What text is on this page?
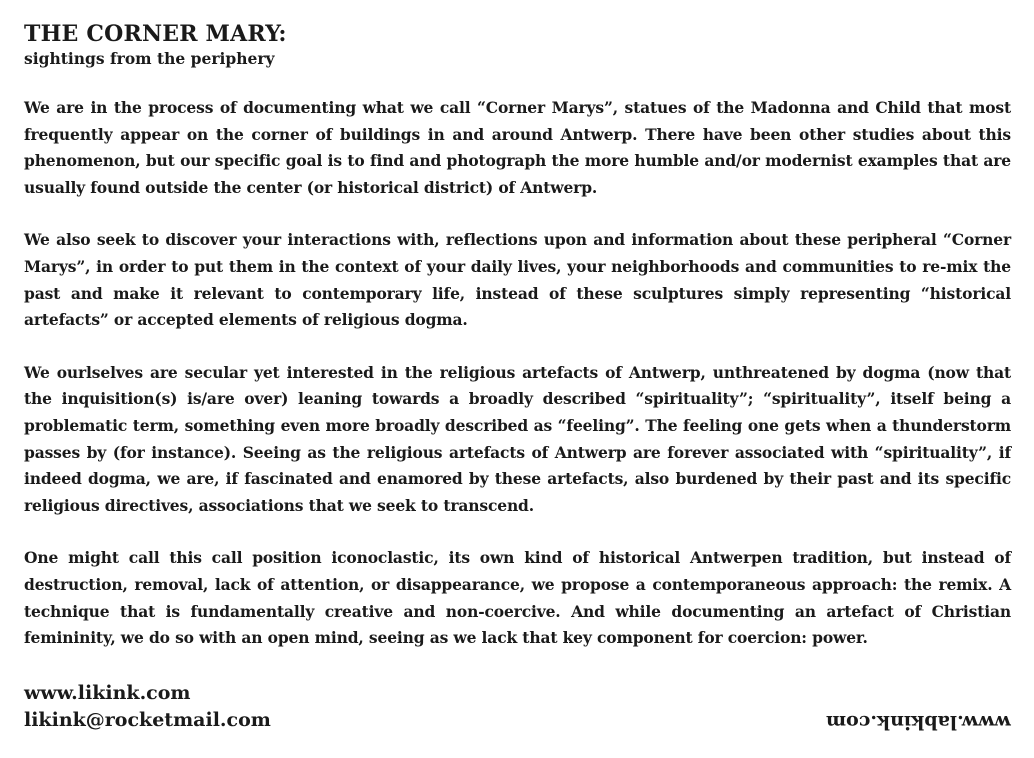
THE CORNER MARY:
sightings from the periphery

We are in the process of documenting what we call “Corner Marys”, statues of the Madonna and Child that most frequently appear on the corner of buildings in and around Antwerp. There have been other studies about this phenomenon, but our specific goal is to find and photograph the more humble and/or modernist examples that are usually found outside the center (or historical district) of Antwerp.

We also seek to discover your interactions with, reflections upon and information about these peripheral “Corner Marys”, in order to put them in the context of your daily lives, your neighborhoods and communities to re-mix the past and make it relevant to contemporary life, instead of these sculptures simply representing “historical artefacts” or accepted elements of religious dogma.

We ourlselves are secular yet interested in the religious artefacts of Antwerp, unthreatened by dogma (now that the inquisition(s) is/are over) leaning towards a broadly described “spirituality”; “spirituality”, itself being a problematic term, something even more broadly described as “feeling”. The feeling one gets when a thunderstorm passes by (for instance). Seeing as the religious artefacts of Antwerp are forever associated with “spirituality”, if indeed dogma, we are, if fascinated and enamored by these artefacts, also burdened by their past and its specific religious directives, associations that we seek to transcend.

One might call this call position iconoclastic, its own kind of historical Antwerpen tradition, but instead of destruction, removal, lack of attention, or disappearance, we propose a contemporaneous approach: the remix. A technique that is fundamentally creative and non-coercive. And while documenting an artefact of Christian femininity, we do so with an open mind, seeing as we lack that key component for coercion: power.

www.likink.com
likink@rocketmail.com	www.labkink.com
